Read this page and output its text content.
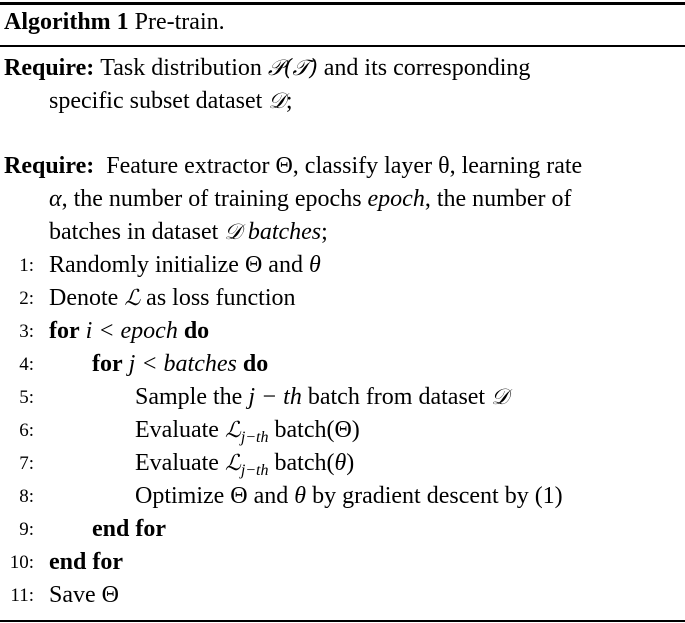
Algorithm 1 Pre-train.
Require: Task distribution 𝒫(𝒯) and its corresponding
specific subset dataset 𝒟;
Require: Feature extractor Θ, classify layer θ, learning rate
α, the number of training epochs epoch, the number of
batches in dataset 𝒟 batches;
1: Randomly initialize Θ and θ
2: Denote ℒ as loss function
3: for i < epoch do
4: for j < batches do
5:	Sample the j − th batch from dataset 𝒟
6:	Evaluate ℒ$_{j-th}$ batch(Θ)
7:	Evaluate ℒ$_{j-th}$ batch(θ)
8:	Optimize Θ and θ by gradient descent by (1)
9: end for
10: end for
11: Save Θ
